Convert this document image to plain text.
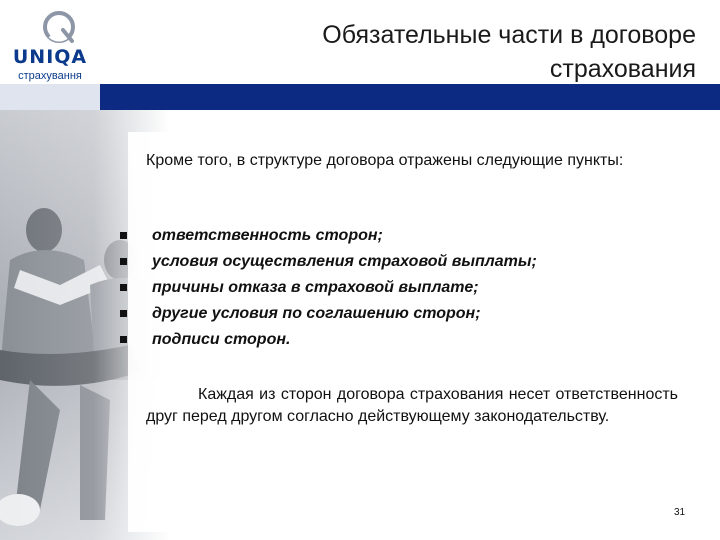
UNIQA
страхування
Обязательные части в договоре страхования
Кроме того, в структуре договора отражены следующие пункты:
ответственность сторон;
условия осуществления страховой выплаты;
причины отказа в страховой выплате;
другие условия по соглашению сторон;
подписи сторон.
Каждая из сторон договора страхования несет ответственность друг перед другом согласно действующему законодательству.
31
